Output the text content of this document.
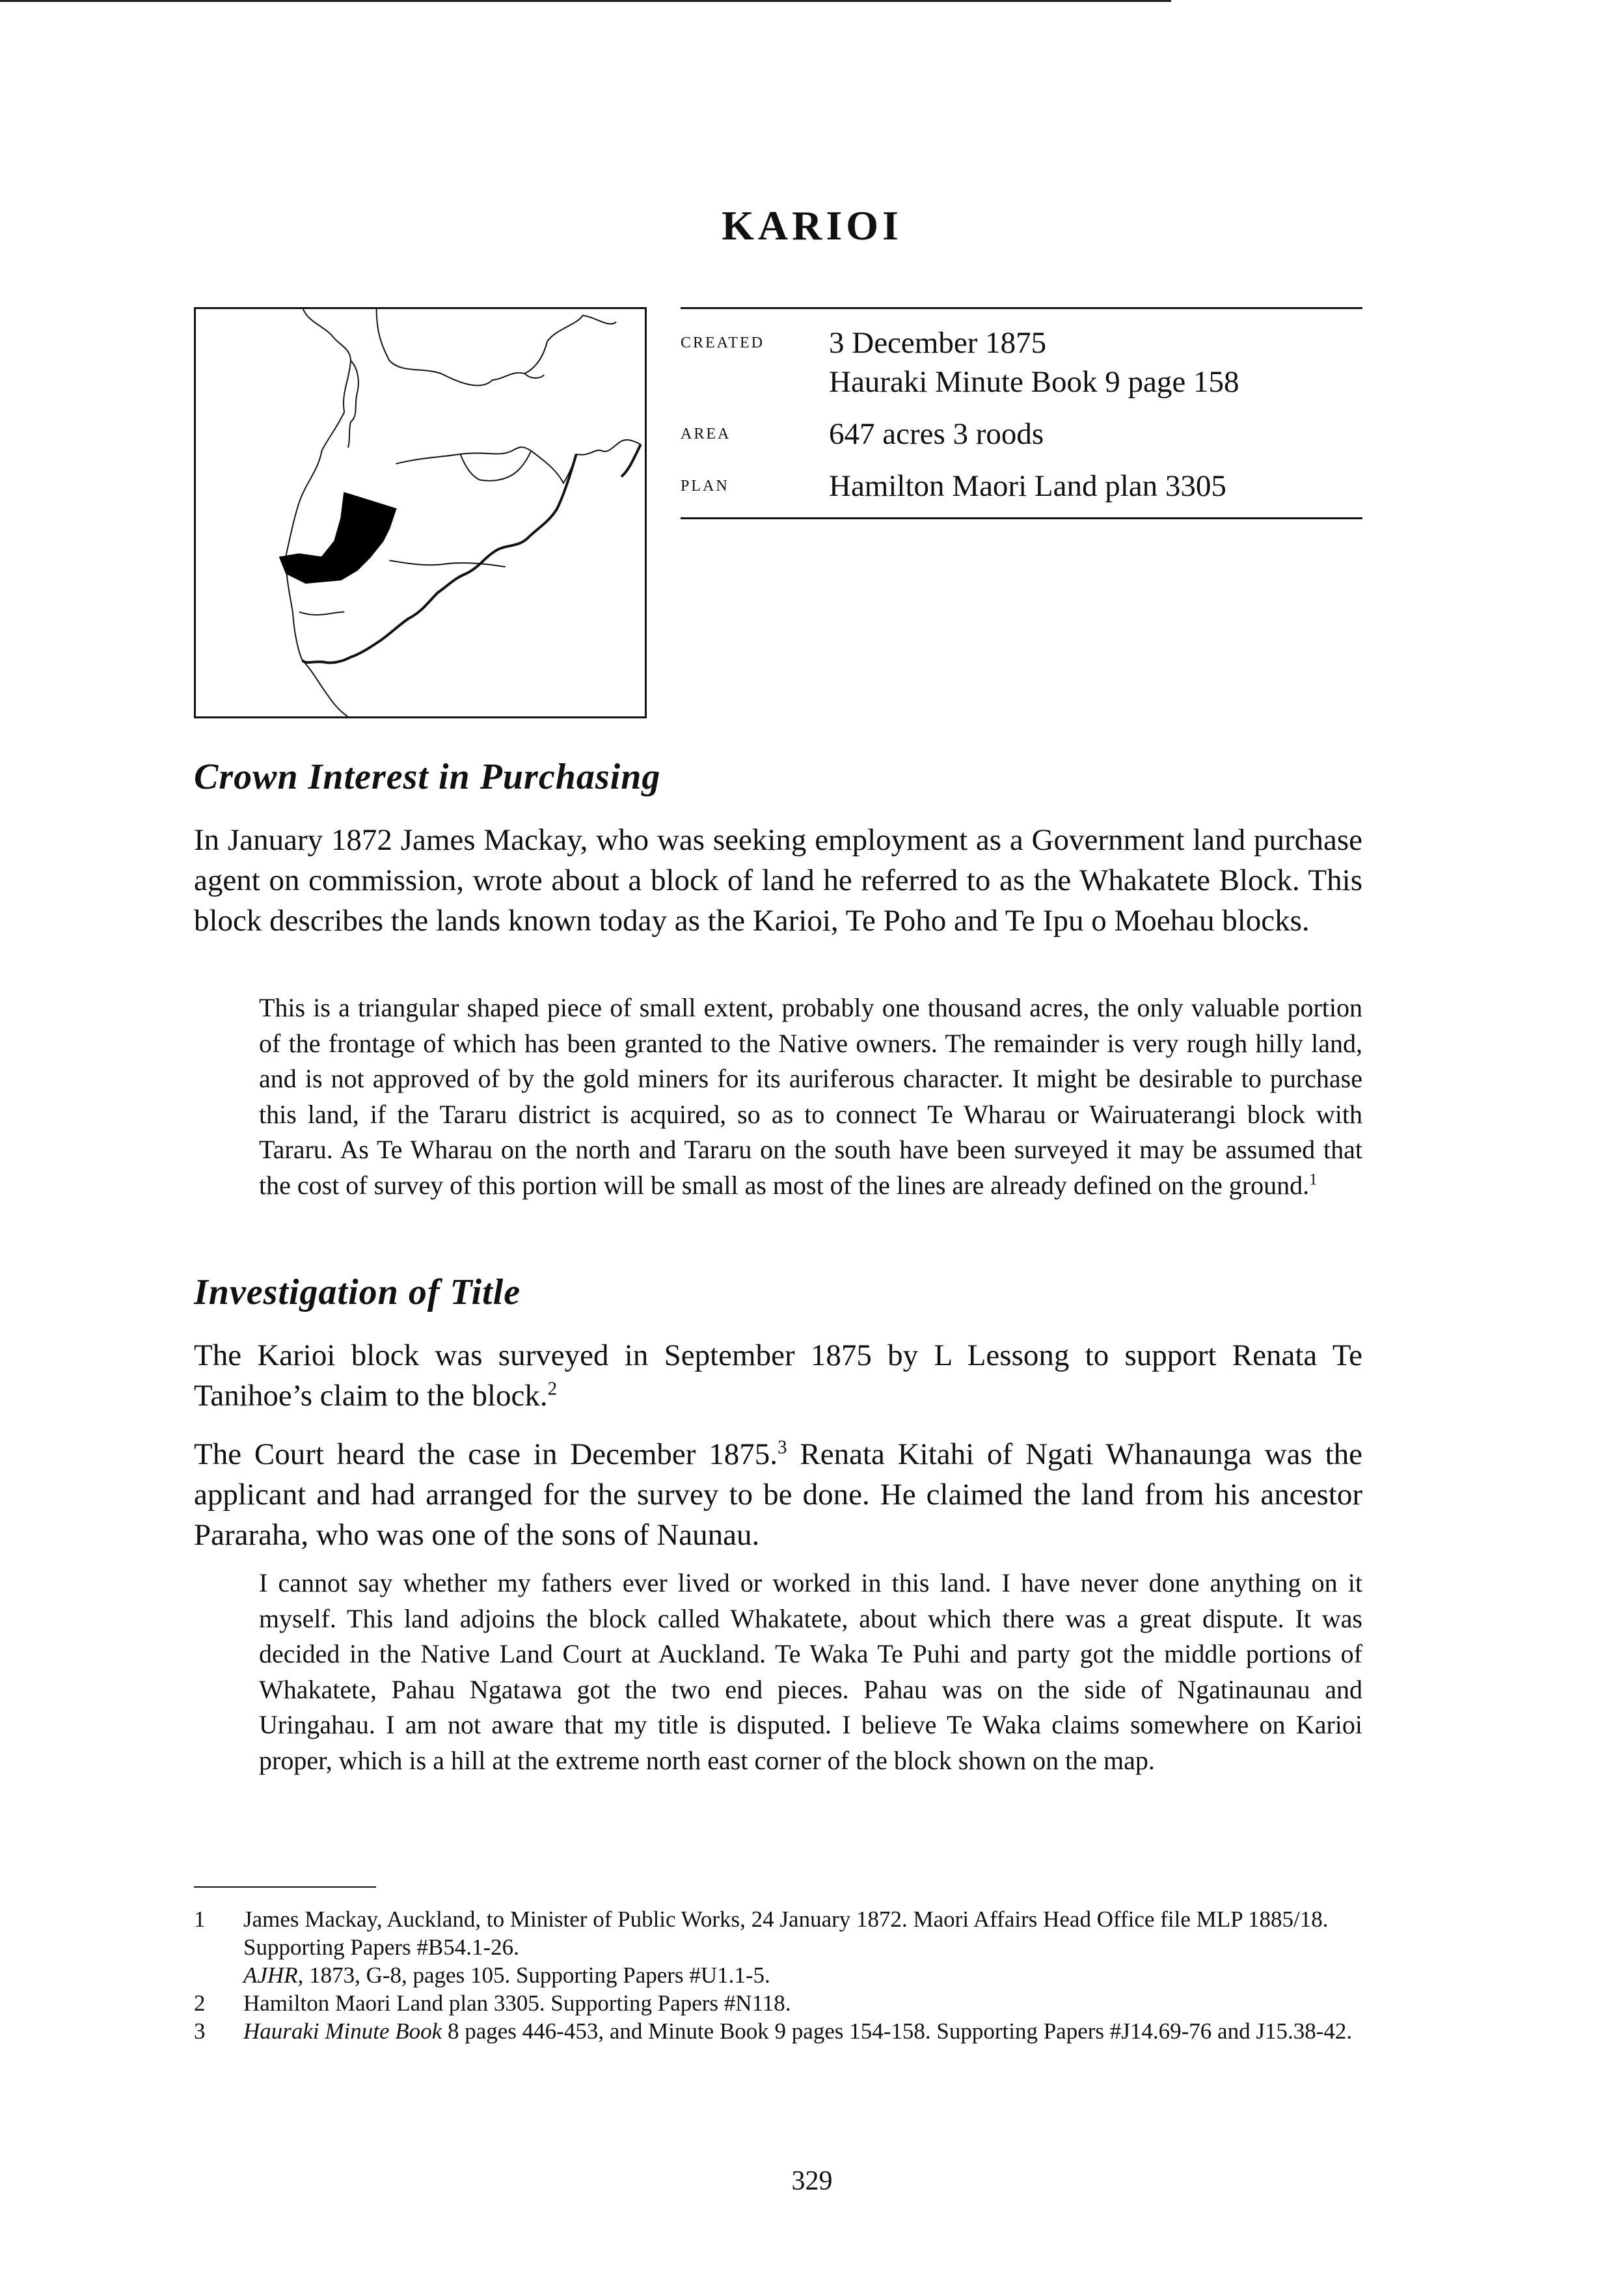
KARIOI
created 3 December 1875
Hauraki Minute Book 9 page 158
area	647 acres 3 roods
plan	Hamilton Maori Land plan 3305
Crown Interest in Purchasing

In January 1872 James Mackay, who was seeking employment as a Government land purchase agent on commission, wrote about a block of land he referred to as the Whakatete Block. This block describes the lands known today as the Karioi, Te Poho and Te Ipu o Moehau blocks.

This is a triangular shaped piece of small extent, probably one thousand acres, the only valuable portion of the frontage of which has been granted to the Native owners. The remainder is very rough hilly land, and is not approved of by the gold miners for its auriferous character. It might be desirable to purchase this land, if the Tararu district is acquired, so as to connect Te Wharau or Wairuaterangi block with Tararu. As Te Wharau on the north and Tararu on the south have been surveyed it may be assumed that the cost of survey of this portion will be small as most of the lines are already defined on the ground.$^1$

Investigation of Title

The Karioi block was surveyed in September 1875 by L Lessong to support Renata Te Tanihoe’s claim to the block.$^2$

The Court heard the case in December 1875.$^3$ Renata Kitahi of Ngati Whanaunga was the applicant and had arranged for the survey to be done. He claimed the land from his ancestor Pararaha, who was one of the sons of Naunau.

I cannot say whether my fathers ever lived or worked in this land. I have never done anything on it myself. This land adjoins the block called Whakatete, about which there was a great dispute. It was decided in the Native Land Court at Auckland. Te Waka Te Puhi and party got the middle portions of Whakatete, Pahau Ngatawa got the two end pieces. Pahau was on the side of Ngatinaunau and Uringahau. I am not aware that my title is disputed. I believe Te Waka claims somewhere on Karioi proper, which is a hill at the extreme north east corner of the block shown on the map.

1 James Mackay, Auckland, to Minister of Public Works, 24 January 1872. Maori Affairs Head Office file MLP 1885/18. Supporting Papers #B54.1-26.
AJHR, 1873, G-8, pages 105. Supporting Papers #U1.1-5.
2 Hamilton Maori Land plan 3305. Supporting Papers #N118.
3 Hauraki Minute Book 8 pages 446-453, and Minute Book 9 pages 154-158. Supporting Papers #J14.69-76 and J15.38-42.
329
